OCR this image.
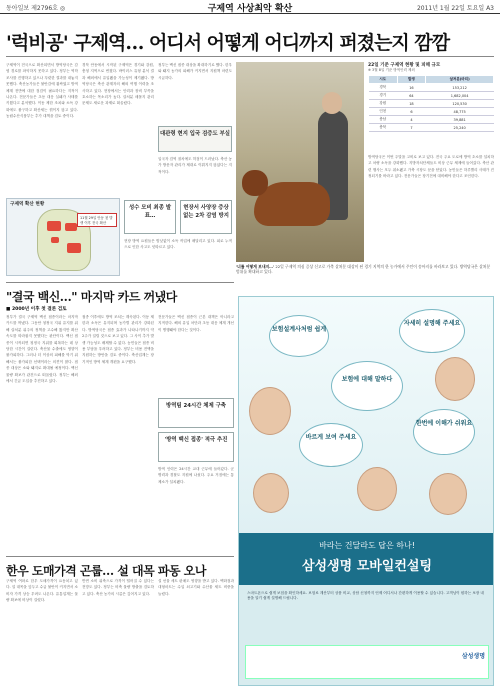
동아일보 제2796호 ◎	구제역 사상최악 확산	2011년 1월 22일 토요일 A3
'럭비공' 구제역… 어디서 어떻게 어디까지 퍼졌는지 깜깜
구제역이 전국으로 확산되면서 방역당국은 감염 경로를 파악하지 못하고 있다. 정부는 역학조사를 진행하고 있으나 뚜렷한 결과를 내놓지 못했다. 축산농가들은 불안감에 휩싸였고 방역 체계 전반에 대한 점검이 필요하다는 지적이 나온다. 전문가들은 초동 대응 실패가 사태를 키웠다고 분석했다. 이동 제한 조치와 소독 강화에도 불구하고 확산세는 꺾이지 않고 있다. 농림수산식품부는 추가 대책을 검토 중이다.
경북 안동에서 시작된 구제역은 경기와 강원, 충청 지역으로 번졌다. 바이러스 유형 분석 결과 해외에서 유입됐을 가능성이 제기됐다. 방역당국은 축산 관계자의 해외 여행 이력을 조사하고 있다. 현장에서는 인력과 장비 부족을 호소하는 목소리가 높다. 살처분 매몰지 관리 문제도 새로운 과제로 떠올랐다.
정부는 백신 접종 대상을 확대하기로 했다. 한우와 돼지 농가의 피해가 커지면서 지원책 마련도 시급하다.
대관령 현지 입국 검증도 부실
입국자 검역 절차에도 허점이 드러났다. 축산 농가 방문자 관리가 제대로 이뤄지지 않았다는 지적이다.
22일 기준 구제역 현황 및 피해 규모
※ 3월 8일 기준 방역인력 제외
시도	발생	살처분(마리)
경북	16	153,212
경기	64	1,682,004
강원	18	120,530
인천	6	48,775
충남	4	39,881
충북	7	25,240
방역당국은 이번 주말을 고비로 보고 있다. 전국 주요 도로에 방역 초소를 설치하고 차량 소독을 강화했다. 지방자치단체들도 비상 근무 체제에 들어갔다. 축산 관련 행사는 모두 취소됐고 가축 시장도 문을 닫았다. 농민들은 하루빨리 사태가 진정되기를 바라고 있다. 전문가들은 장기전에 대비해야 한다고 조언한다.
'너를 어떻게 보내지…' 22일 구제역 의심 증상 신고로 가축 살처분 대상이 된 경기 지역의 한 농가에서 주인이 송아지를 바라보고 있다. 방역당국은 살처분 범위를 확대하고 있다.
성수 모비 최종 발표…
현장서 사양장 증상 없는 2차 감염 방지
현장 방역 요원들은 밤낮없이 소독 작업에 매달리고 있다. 피로 누적으로 인한 사고도 잇따르고 있다.
구제역 확산 현황
11월 29일 안동 첫 발생 이후 전국 확산
"결국 백신…" 마지막 카드 꺼냈다
■ 2000년 이후 첫 결론 검토
정부가 결국 구제역 백신 접종이라는 마지막 카드를 꺼냈다. 그동안 청정국 지위 유지를 위해 살처분 위주의 정책을 고수해 왔지만 확산 속도를 따라잡지 못했다는 판단이다. 백신 접종이 시작되면 청정국 지위를 회복하는 데 상당한 시간이 걸린다. 축산물 수출에도 영향이 불가피하다. 그러나 더 이상의 피해를 막기 위해서는 불가피한 선택이라는 의견이 많다. 접종 대상은 소와 돼지로 확대될 예정이다. 백신 물량 확보가 관건으로 떠올랐다. 정부는 해외에서 긴급 도입을 추진하고 있다.
접종 이후에도 방역 조치는 계속된다. 이동 제한과 소독은 유지되며 농가별 관리가 강화된다. 방역당국은 접종 효과가 나타나기까지 약 2주가 걸릴 것으로 보고 있다. 그 사이 추가 발생 가능성도 배제할 수 없다. 농민들은 접종 비용 부담을 우려하고 있다. 정부는 비용 전액을 지원하는 방안을 검토 중이다. 축산업계는 장기적인 방역 체계 개편을 요구했다.
전문가들은 백신 접종이 근본 대책은 아니라고 지적한다. 해외 유입 차단과 초동 대응 체계 개선이 병행돼야 한다는 것이다.
방역팀 24시간 체제 구축
'방역 백신 접종' 적극 추진
방역 인력은 24시간 교대 근무에 들어갔다. 군 병력과 경찰도 지원에 나섰다. 주요 거점에는 통제소가 설치됐다.
한우 도매가격 곤룹… 설 대목 파동 오나
구제역 여파로 한우 도매가격이 요동치고 있다. 설 대목을 앞두고 수급 불안이 커지면서 소비자 가격 상승 우려도 나온다. 유통업계는 물량 확보에 비상이 걸렸다.
반면 소비 위축으로 가격이 떨어질 수 있다는 전망도 있다. 정부는 비축 물량 방출을 검토하고 있다. 축산 농가의 시름은 깊어지고 있다.
설 선물 세트 판매도 영향을 받고 있다. 백화점과 대형마트는 수입 쇠고기와 수산물 세트 비중을 늘렸다.
보험설계사처럼 쉽게
자세히 설명해 주세요
보험에 대해 말하다
한번에 이해가 쉬워요
바르게 보여 주세요
바라는 건달라도 답은 하나!
삼성생명 모바일컨설팅
스마트폰으로 쉽게 보험을 확인하세요. 보험료 계산부터 상품 비교, 상담 신청까지 언제 어디서나 간편하게 이용할 수 있습니다. 고객님이 원하는 보장 내용을 알기 쉽게 설명해 드립니다.
삼성생명
